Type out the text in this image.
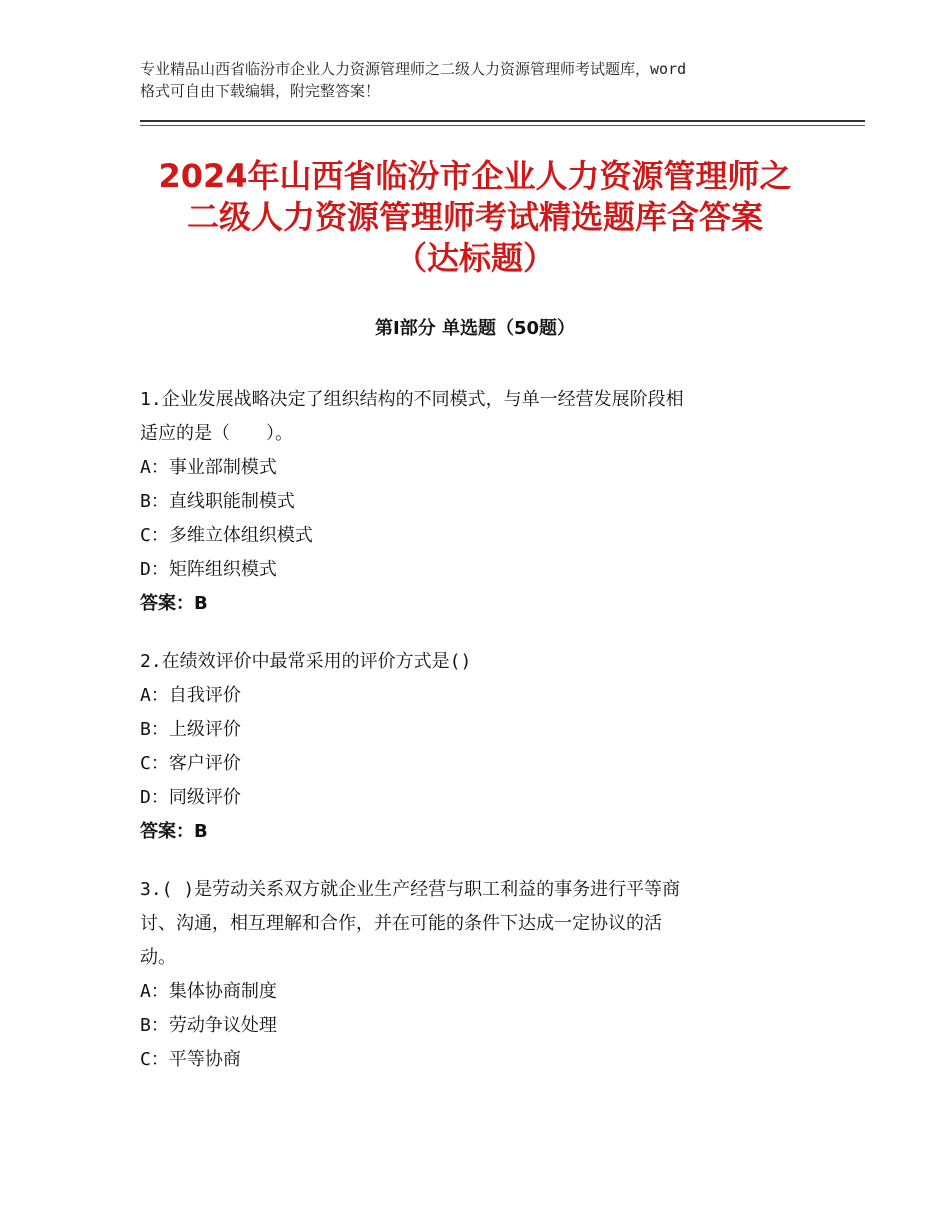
专业精品山西省临汾市企业人力资源管理师之二级人力资源管理师考试题库，word
格式可自由下载编辑，附完整答案！
2024年山西省临汾市企业人力资源管理师之
二级人力资源管理师考试精选题库含答案
（达标题）
第Ⅰ部分 单选题（50题）
1.企业发展战略决定了组织结构的不同模式，与单一经营发展阶段相
适应的是（　　）。
A：事业部制模式
B：直线职能制模式
C：多维立体组织模式
D：矩阵组织模式
答案：B
2.在绩效评价中最常采用的评价方式是()
A：自我评价
B：上级评价
C：客户评价
D：同级评价
答案：B
3.( )是劳动关系双方就企业生产经营与职工利益的事务进行平等商
讨、沟通，相互理解和合作，并在可能的条件下达成一定协议的活
动。
A：集体协商制度
B：劳动争议处理
C：平等协商
